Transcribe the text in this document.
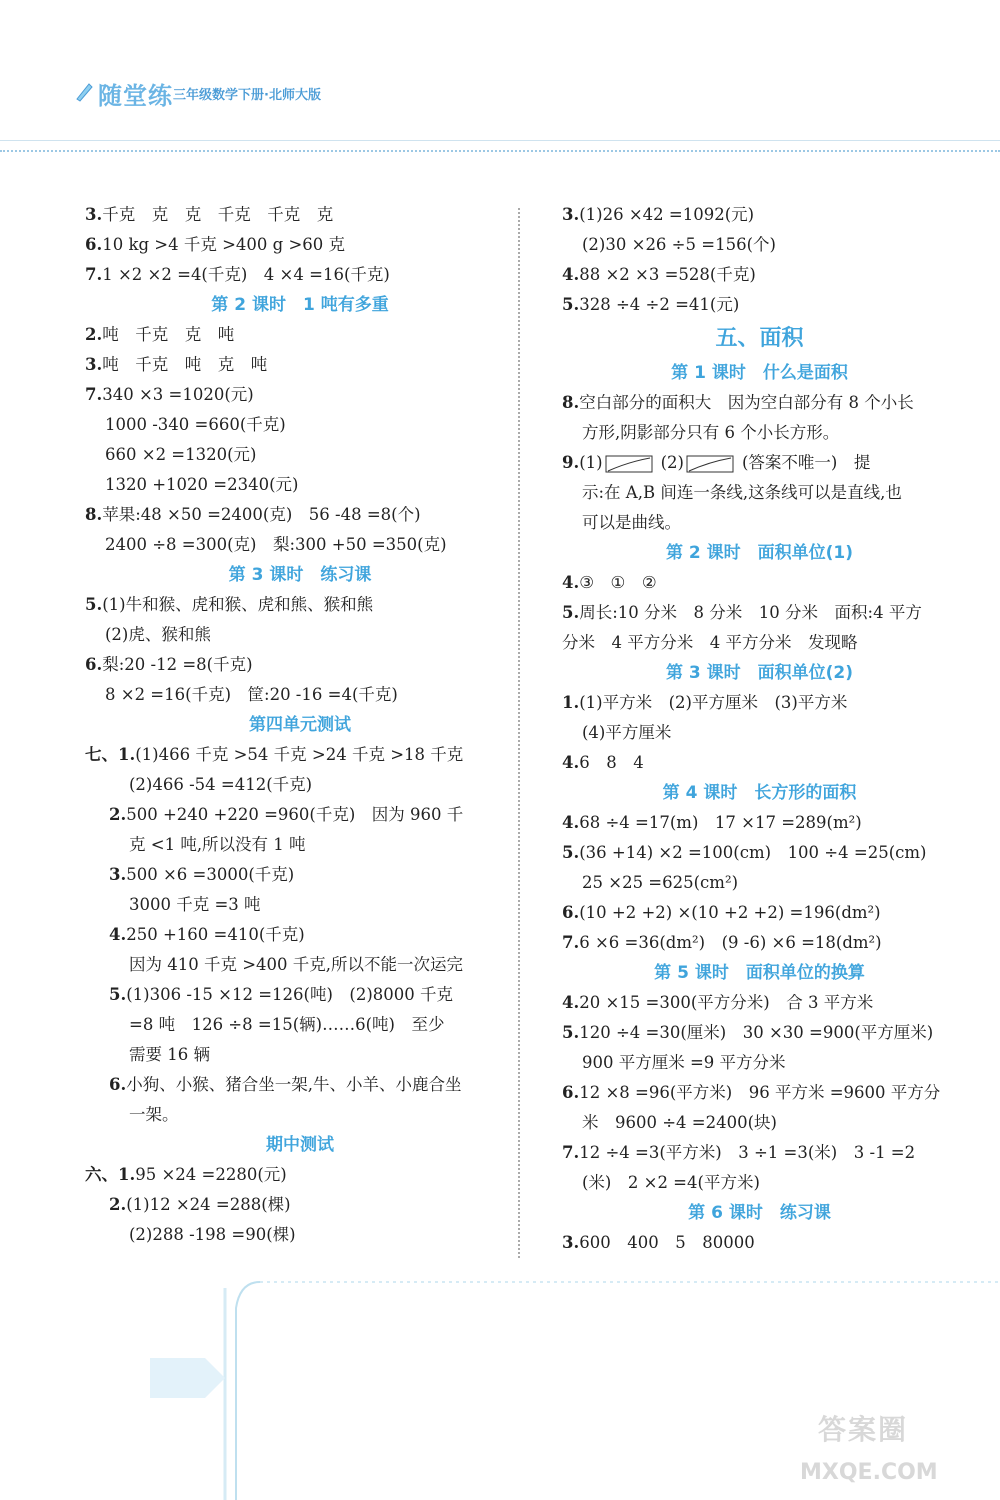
随堂练 三年级数学下册·北师大版
3.千克　克　克　千克　千克　克
6.10 kg >4 千克 >400 g >60 克
7.1 ×2 ×2 =4(千克)　4 ×4 =16(千克)
第 2 课时　1 吨有多重
2.吨　千克　克　吨
3.吨　千克　吨　克　吨
7.340 ×3 =1020(元)
1000 -340 =660(千克)
660 ×2 =1320(元)
1320 +1020 =2340(元)
8.苹果:48 ×50 =2400(克)　56 -48 =8(个)
2400 ÷8 =300(克)　梨:300 +50 =350(克)
第 3 课时　练习课
5.(1)牛和猴、虎和猴、虎和熊、猴和熊
(2)虎、猴和熊
6.梨:20 -12 =8(千克)
8 ×2 =16(千克)　筐:20 -16 =4(千克)
第四单元测试
七、1.(1)466 千克 >54 千克 >24 千克 >18 千克
(2)466 -54 =412(千克)
2.500 +240 +220 =960(千克)　因为 960 千
克 <1 吨,所以没有 1 吨
3.500 ×6 =3000(千克)
3000 千克 =3 吨
4.250 +160 =410(千克)
因为 410 千克 >400 千克,所以不能一次运完
5.(1)306 -15 ×12 =126(吨)　(2)8000 千克
=8 吨　126 ÷8 =15(辆)……6(吨)　至少
需要 16 辆
6.小狗、小猴、猪合坐一架,牛、小羊、小鹿合坐
一架。
期中测试
六、1.95 ×24 =2280(元)
2.(1)12 ×24 =288(棵)
(2)288 -198 =90(棵)
3.(1)26 ×42 =1092(元)
(2)30 ×26 ÷5 =156(个)
4.88 ×2 ×3 =528(千克)
5.328 ÷4 ÷2 =41(元)
五、面积
第 1 课时　什么是面积
8.空白部分的面积大　因为空白部分有 8 个小长
方形,阴影部分只有 6 个小长方形。
9.(1)	(2)	(答案不唯一)　提
示:在 A,B 间连一条线,这条线可以是直线,也
可以是曲线。
第 2 课时　面积单位(1)
4.③　①　②
5.周长:10 分米　8 分米　10 分米　面积:4 平方
分米　4 平方分米　4 平方分米　发现略
第 3 课时　面积单位(2)
1.(1)平方米　(2)平方厘米　(3)平方米
(4)平方厘米
4.6　8　4
第 4 课时　长方形的面积
4.68 ÷4 =17(m)　17 ×17 =289(m²)
5.(36 +14) ×2 =100(cm)　100 ÷4 =25(cm)
25 ×25 =625(cm²)
6.(10 +2 +2) ×(10 +2 +2) =196(dm²)
7.6 ×6 =36(dm²)　(9 -6) ×6 =18(dm²)
第 5 课时　面积单位的换算
4.20 ×15 =300(平方分米)　合 3 平方米
5.120 ÷4 =30(厘米)　30 ×30 =900(平方厘米)
900 平方厘米 =9 平方分米
6.12 ×8 =96(平方米)　96 平方米 =9600 平方分
米　9600 ÷4 =2400(块)
7.12 ÷4 =3(平方米)　3 ÷1 =3(米)　3 -1 =2
(米)　2 ×2 =4(平方米)
第 6 课时　练习课
3.600　400　5　80000
答案圈
MXQE.COM
